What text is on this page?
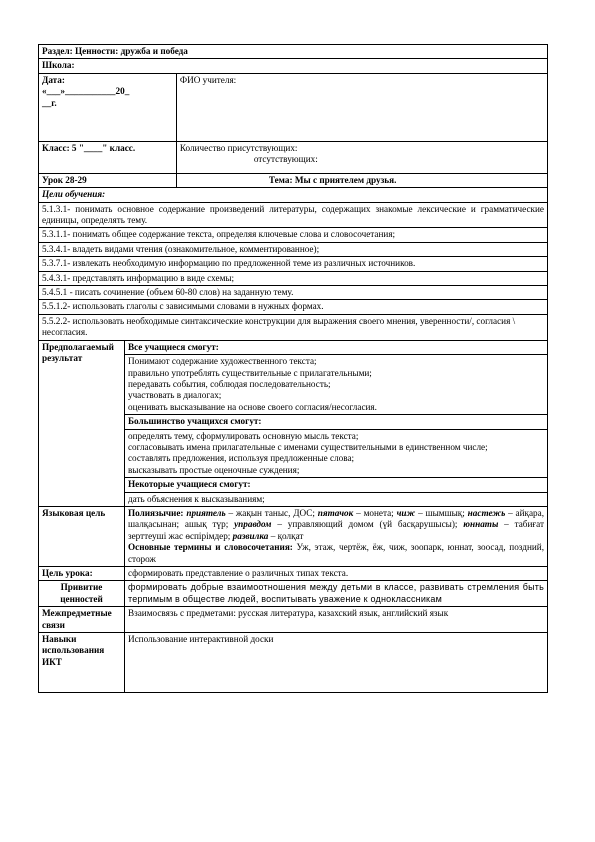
Раздел: Ценности: дружба и победа		
Школа:		

Дата:
«___»___________20_
__г.		ФИО учителя:
Класс: 5 "____" класс.		Количество присутствующих:
отсутствующих:

Урок 28-29		Тема: Мы с приятелем друзья.
Цели обучения:		
5.1.3.1- понимать основное содержание произведений литературы, содержащих знакомые лексические и грамматические единицы, определять тему.		
5.3.1.1- понимать общее содержание текста, определяя ключевые слова и словосочетания;		
5.3.4.1- владеть видами чтения (ознакомительное, комментированное);		
5.3.7.1- извлекать необходимую информацию по предложенной теме из различных источников.		
5.4.3.1- представлять информацию в виде схемы;		
5.4.5.1 - писать сочинение (объем 60-80 слов) на заданную тему.		
5.5.1.2- использовать глаголы с зависимыми словами в нужных формах.		
5.5.2.2- использовать необходимые синтаксические конструкции для выражения своего мнения, уверенности/, согласия \ несогласия.		
Предполагаемый результат	Все учащиеся смогут:	

	Понимают содержание художественного текста;
правильно употреблять существительные с прилагательными;
передавать события, соблюдая последовательность;
участвовать в диалогах;
оценивать высказывание на основе своего согласия/несогласия.	

	Большинство учащихся смогут:	

	определять тему, сформулировать основную мысль текста;
согласовывать имена прилагательные с именами существительными в единственном числе;
составлять предложения, используя предложенные слова;
высказывать простые оценочные суждения;	

	Некоторые учащиеся смогут:	

	дать объяснения к высказываниям;	

Языковая цель	Полиязычие: приятель – жақын таныс, ДОС; пятачок – монета; чиж – шымшық; настежь – айқара, шалқасынан; ашық түр; управдом – управляющий домом (үй басқарушысы); юннаты – табиғат зерттеуші жас өспірімдер; развилка – қолқат
Основные термины и словосочетания: Уж, этаж, чертёж, ёж, чиж, зоопарк, юннат, зоосад, поздний, сторож	

Цель урока:	сформировать представление о различных типах текста.	
Привитие ценностей	формировать добрые взаимоотношения между детьми в классе, развивать стремления быть терпимым в обществе людей, воспитывать уважение к одноклассникам	
Межпредметные связи	Взаимосвязь с предметами: русская литература, казахский язык, английский язык	
Навыки использования ИКТ	Использование интерактивной доски	
